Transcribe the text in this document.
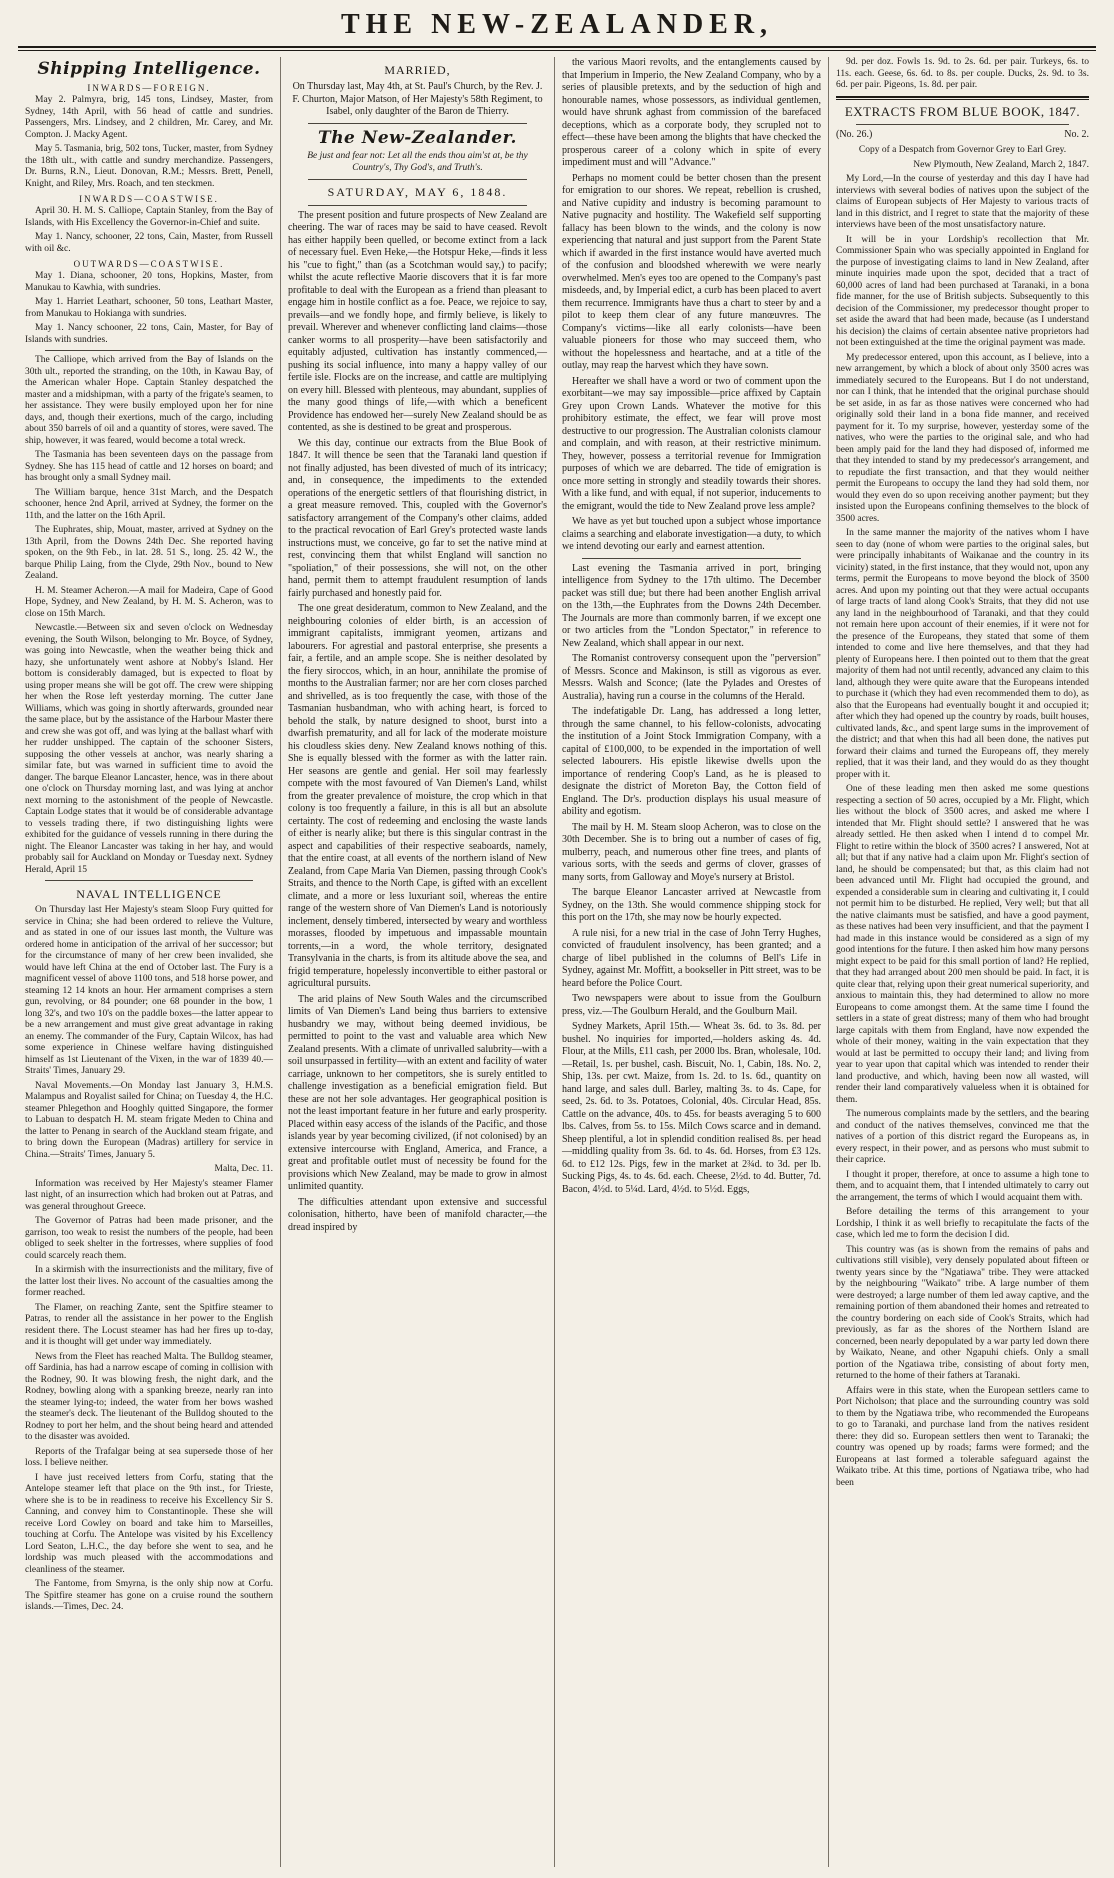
THE NEW-ZEALANDER,
Shipping Intelligence.
INWARDS—FOREIGN.

May 2. Palmyra, brig, 145 tons, Lindsey, Master, from Sydney, 14th April, with 56 head of cattle and sundries. Passengers, Mrs. Lindsey, and 2 children, Mr. Carey, and Mr. Compton. J. Macky Agent.

May 5. Tasmania, brig, 502 tons, Tucker, master, from Sydney the 18th ult., with cattle and sundry merchandize. Passengers, Dr. Burns, R.N., Lieut. Donovan, R.M.; Messrs. Brett, Penell, Knight, and Riley, Mrs. Roach, and ten steckmen.

INWARDS—COASTWISE.

April 30. H. M. S. Calliope, Captain Stanley, from the Bay of Islands, with His Excellency the Governor-in-Chief and suite.

May 1. Nancy, schooner, 22 tons, Cain, Master, from Russell with oil &c.

OUTWARDS—COASTWISE.

May 1. Diana, schooner, 20 tons, Hopkins, Master, from Manukau to Kawhia, with sundries.

May 1. Harriet Leathart, schooner, 50 tons, Leathart Master, from Manukau to Hokianga with sundries.

May 1. Nancy schooner, 22 tons, Cain, Master, for Bay of Islands with sundries.

The Calliope, which arrived from the Bay of Islands on the 30th ult., reported the stranding, on the 10th, in Kawau Bay, of the American whaler Hope. Captain Stanley despatched the master and a midshipman, with a party of the frigate's seamen, to her assistance. They were busily employed upon her for nine days, and, though their exertions, much of the cargo, including about 350 barrels of oil and a quantity of stores, were saved. The ship, however, it was feared, would become a total wreck.

The Tasmania has been seventeen days on the passage from Sydney. She has 115 head of cattle and 12 horses on board; and has brought only a small Sydney mail.

The William barque, hence 31st March, and the Despatch schooner, hence 2nd April, arrived at Sydney, the former on the 11th, and the latter on the 16th April.

The Euphrates, ship, Mouat, master, arrived at Sydney on the 13th April, from the Downs 24th Dec. She reported having spoken, on the 9th Feb., in lat. 28. 51 S., long. 25. 42 W., the barque Philip Laing, from the Clyde, 29th Nov., bound to New Zealand.

H. M. Steamer Acheron.—A mail for Madeira, Cape of Good Hope, Sydney, and New Zealand, by H. M. S. Acheron, was to close on 15th March.

Newcastle.—Between six and seven o'clock on Wednesday evening, the South Wilson, belonging to Mr. Boyce, of Sydney, was going into Newcastle, when the weather being thick and hazy, she unfortunately went ashore at Nobby's Island. Her bottom is considerably damaged, but is expected to float by using proper means she will be got off. The crew were shipping her when the Rose left yesterday morning. The cutter Jane Williams, which was going in shortly afterwards, grounded near the same place, but by the assistance of the Harbour Master there and crew she was got off, and was lying at the ballast wharf with her rudder unshipped. The captain of the schooner Sisters, supposing the other vessels at anchor, was nearly sharing a similar fate, but was warned in sufficient time to avoid the danger. The barque Eleanor Lancaster, hence, was in there about one o'clock on Thursday morning last, and was lying at anchor next morning to the astonishment of the people of Newcastle. Captain Lodge states that it would be of considerable advantage to vessels trading there, if two distinguishing lights were exhibited for the guidance of vessels running in there during the night. The Eleanor Lancaster was taking in her hay, and would probably sail for Auckland on Monday or Tuesday next. Sydney Herald, April 15

NAVAL INTELLIGENCE

On Thursday last Her Majesty's steam Sloop Fury quitted for service in China; she had been ordered to relieve the Vulture, and as stated in one of our issues last month, the Vulture was ordered home in anticipation of the arrival of her successor; but for the circumstance of many of her crew been invalided, she would have left China at the end of October last. The Fury is a magnificent vessel of above 1100 tons, and 518 horse power, and steaming 12 14 knots an hour. Her armament comprises a stern gun, revolving, or 84 pounder; one 68 pounder in the bow, 1 long 32's, and two 10's on the paddle boxes—the latter appear to be a new arrangement and must give great advantage in raking an enemy. The commander of the Fury, Captain Wilcox, has had some experience in Chinese welfare having distinguished himself as 1st Lieutenant of the Vixen, in the war of 1839 40.—Straits' Times, January 29.

Naval Movements.—On Monday last January 3, H.M.S. Malampus and Royalist sailed for China; on Tuesday 4, the H.C. steamer Phlegethon and Hooghly quitted Singapore, the former to Labuan to despatch H. M. steam frigate Meden to China and the latter to Penang in search of the Auckland steam frigate, and to bring down the European (Madras) artillery for service in China.—Straits' Times, January 5.

Malta, Dec. 11.

Information was received by Her Majesty's steamer Flamer last night, of an insurrection which had broken out at Patras, and was general throughout Greece.

The Governor of Patras had been made prisoner, and the garrison, too weak to resist the numbers of the people, had been obliged to seek shelter in the fortresses, where supplies of food could scarcely reach them.

In a skirmish with the insurrectionists and the military, five of the latter lost their lives. No account of the casualties among the former reached.

The Flamer, on reaching Zante, sent the Spitfire steamer to Patras, to render all the assistance in her power to the English resident there. The Locust steamer has had her fires up to-day, and it is thought will get under way immediately.

News from the Fleet has reached Malta. The Bulldog steamer, off Sardinia, has had a narrow escape of coming in collision with the Rodney, 90. It was blowing fresh, the night dark, and the Rodney, bowling along with a spanking breeze, nearly ran into the steamer lying-to; indeed, the water from her bows washed the steamer's deck. The lieutenant of the Bulldog shouted to the Rodney to port her helm, and the shout being heard and attended to the disaster was avoided.

Reports of the Trafalgar being at sea supersede those of her loss. I believe neither.

I have just received letters from Corfu, stating that the Antelope steamer left that place on the 9th inst., for Trieste, where she is to be in readiness to receive his Excellency Sir S. Canning, and convey him to Constantinople. These she will receive Lord Cowley on board and take him to Marseilles, touching at Corfu. The Antelope was visited by his Excellency Lord Seaton, L.H.C., the day before she went to sea, and he lordship was much pleased with the accommodations and cleanliness of the steamer.

The Fantome, from Smyrna, is the only ship now at Corfu. The Spitfire steamer has gone on a cruise round the southern islands.—Times, Dec. 24.

MARRIED,

On Thursday last, May 4th, at St. Paul's Church, by the Rev. J. F. Churton, Major Matson, of Her Majesty's 58th Regiment, to Isabel, only daughter of the Baron de Thierry.

The New-Zealander.

Be just and fear not: Let all the ends thou aim'st at, be thy Country's, Thy God's, and Truth's.

SATURDAY, MAY 6, 1848.

The present position and future prospects of New Zealand are cheering. The war of races may be said to have ceased. Revolt has either happily been quelled, or become extinct from a lack of necessary fuel. Even Heke,—the Hotspur Heke,—finds it less his "cue to fight," than (as a Scotchman would say,) to pacify; whilst the acute reflective Maorie discovers that it is far more profitable to deal with the European as a friend than pleasant to engage him in hostile conflict as a foe. Peace, we rejoice to say, prevails—and we fondly hope, and firmly believe, is likely to prevail. Wherever and whenever conflicting land claims—those canker worms to all prosperity—have been satisfactorily and equitably adjusted, cultivation has instantly commenced,—pushing its social influence, into many a happy valley of our fertile isle. Flocks are on the increase, and cattle are multiplying on every hill. Blessed with plenteous, may abundant, supplies of the many good things of life,—with which a beneficent Providence has endowed her—surely New Zealand should be as contented, as she is destined to be great and prosperous.

We this day, continue our extracts from the Blue Book of 1847. It will thence be seen that the Taranaki land question if not finally adjusted, has been divested of much of its intricacy; and, in consequence, the impediments to the extended operations of the energetic settlers of that flourishing district, in a great measure removed. This, coupled with the Governor's satisfactory arrangement of the Company's other claims, added to the practical revocation of Earl Grey's protected waste lands instructions must, we conceive, go far to set the native mind at rest, convincing them that whilst England will sanction no "spoliation," of their possessions, she will not, on the other hand, permit them to attempt fraudulent resumption of lands fairly purchased and honestly paid for.

The one great desideratum, common to New Zealand, and the neighbouring colonies of elder birth, is an accession of immigrant capitalists, immigrant yeomen, artizans and labourers. For agrestial and pastoral enterprise, she presents a fair, a fertile, and an ample scope. She is neither desolated by the fiery siroccos, which, in an hour, annihilate the promise of months to the Australian farmer; nor are her corn closes parched and shrivelled, as is too frequently the case, with those of the Tasmanian husbandman, who with aching heart, is forced to behold the stalk, by nature designed to shoot, burst into a dwarfish prematurity, and all for lack of the moderate moisture his cloudless skies deny. New Zealand knows nothing of this. She is equally blessed with the former as with the latter rain. Her seasons are gentle and genial. Her soil may fearlessly compete with the most favoured of Van Diemen's Land, whilst from the greater prevalence of moisture, the crop which in that colony is too frequently a failure, in this is all but an absolute certainty. The cost of redeeming and enclosing the waste lands of either is nearly alike; but there is this singular contrast in the aspect and capabilities of their respective seaboards, namely, that the entire coast, at all events of the northern island of New Zealand, from Cape Maria Van Diemen, passing through Cook's Straits, and thence to the North Cape, is gifted with an excellent climate, and a more or less luxuriant soil, whereas the entire range of the western shore of Van Diemen's Land is notoriously inclement, densely timbered, intersected by weary and worthless morasses, flooded by impetuous and impassable mountain torrents,—in a word, the whole territory, designated Transylvania in the charts, is from its altitude above the sea, and frigid temperature, hopelessly inconvertible to either pastoral or agricultural pursuits.

The arid plains of New South Wales and the circumscribed limits of Van Diemen's Land being thus barriers to extensive husbandry we may, without being deemed invidious, be permitted to point to the vast and valuable area which New Zealand presents. With a climate of unrivalled salubrity—with a soil unsurpassed in fertility—with an extent and facility of water carriage, unknown to her competitors, she is surely entitled to challenge investigation as a beneficial emigration field. But these are not her sole advantages. Her geographical position is not the least important feature in her future and early prosperity. Placed within easy access of the islands of the Pacific, and those islands year by year becoming civilized, (if not colonised) by an extensive intercourse with England, America, and France, a great and profitable outlet must of necessity be found for the provisions which New Zealand, may be made to grow in almost unlimited quantity.

The difficulties attendant upon extensive and successful colonisation, hitherto, have been of manifold character,—the dread inspired by

the various Maori revolts, and the entanglements caused by that Imperium in Imperio, the New Zealand Company, who by a series of plausible pretexts, and by the seduction of high and honourable names, whose possessors, as individual gentlemen, would have shrunk aghast from commission of the barefaced deceptions, which as a corporate body, they scrupled not to effect—these have been among the blights that have checked the prosperous career of a colony which in spite of every impediment must and will "Advance."

Perhaps no moment could be better chosen than the present for emigration to our shores. We repeat, rebellion is crushed, and Native cupidity and industry is becoming paramount to Native pugnacity and hostility. The Wakefield self supporting fallacy has been blown to the winds, and the colony is now experiencing that natural and just support from the Parent State which if awarded in the first instance would have averted much of the confusion and bloodshed wherewith we were nearly overwhelmed. Men's eyes too are opened to the Company's past misdeeds, and, by Imperial edict, a curb has been placed to avert them recurrence. Immigrants have thus a chart to steer by and a pilot to keep them clear of any future manœuvres. The Company's victims—like all early colonists—have been valuable pioneers for those who may succeed them, who without the hopelessness and heartache, and at a title of the outlay, may reap the harvest which they have sown.

Hereafter we shall have a word or two of comment upon the exorbitant—we may say impossible—price affixed by Captain Grey upon Crown Lands. Whatever the motive for this prohibitory estimate, the effect, we fear will prove most destructive to our progression. The Australian colonists clamour and complain, and with reason, at their restrictive minimum. They, however, possess a territorial revenue for Immigration purposes of which we are debarred. The tide of emigration is once more setting in strongly and steadily towards their shores. With a like fund, and with equal, if not superior, inducements to the emigrant, would the tide to New Zealand prove less ample?

We have as yet but touched upon a subject whose importance claims a searching and elaborate investigation—a duty, to which we intend devoting our early and earnest attention.

Last evening the Tasmania arrived in port, bringing intelligence from Sydney to the 17th ultimo. The December packet was still due; but there had been another English arrival on the 13th,—the Euphrates from the Downs 24th December. The Journals are more than commonly barren, if we except one or two articles from the "London Spectator," in reference to New Zealand, which shall appear in our next.

The Romanist controversy consequent upon the "perversion" of Messrs. Sconce and Makinson, is still as vigorous as ever. Messrs. Walsh and Sconce; (late the Pylades and Orestes of Australia), having run a course in the columns of the Herald.

The indefatigable Dr. Lang, has addressed a long letter, through the same channel, to his fellow-colonists, advocating the institution of a Joint Stock Immigration Company, with a capital of £100,000, to be expended in the importation of well selected labourers. His epistle likewise dwells upon the importance of rendering Coop's Land, as he is pleased to designate the district of Moreton Bay, the Cotton field of England. The Dr's. production displays his usual measure of ability and egotism.

The mail by H. M. Steam sloop Acheron, was to close on the 30th December. She is to bring out a number of cases of fig, mulberry, peach, and numerous other fine trees, and plants of various sorts, with the seeds and germs of clover, grasses of many sorts, from Galloway and Moye's nursery at Bristol.

The barque Eleanor Lancaster arrived at Newcastle from Sydney, on the 13th. She would commence shipping stock for this port on the 17th, she may now be hourly expected.

A rule nisi, for a new trial in the case of John Terry Hughes, convicted of fraudulent insolvency, has been granted; and a charge of libel published in the columns of Bell's Life in Sydney, against Mr. Moffitt, a bookseller in Pitt street, was to be heard before the Police Court.

Two newspapers were about to issue from the Goulburn press, viz.—The Goulburn Herald, and the Goulburn Mail.

Sydney Markets, April 15th.— Wheat 3s. 6d. to 3s. 8d. per bushel. No inquiries for imported,—holders asking 4s. 4d. Flour, at the Mills, £11 cash, per 2000 lbs. Bran, wholesale, 10d.—Retail, 1s. per bushel, cash. Biscuit, No. 1, Cabin, 18s. No. 2, Ship, 13s. per cwt. Maize, from 1s. 2d. to 1s. 6d., quantity on hand large, and sales dull. Barley, malting 3s. to 4s. Cape, for seed, 2s. 6d. to 3s. Potatoes, Colonial, 40s. Circular Head, 85s. Cattle on the advance, 40s. to 45s. for beasts averaging 5 to 600 lbs. Calves, from 5s. to 15s. Milch Cows scarce and in demand. Sheep plentiful, a lot in splendid condition realised 8s. per head—middling quality from 3s. 6d. to 4s. 6d. Horses, from £3 12s. 6d. to £12 12s. Pigs, few in the market at 2¾d. to 3d. per lb. Sucking Pigs, 4s. to 4s. 6d. each. Cheese, 2½d. to 4d. Butter, 7d. Bacon, 4½d. to 5¼d. Lard, 4½d. to 5½d. Eggs,

9d. per doz. Fowls 1s. 9d. to 2s. 6d. per pair. Turkeys, 6s. to 11s. each. Geese, 6s. 6d. to 8s. per couple. Ducks, 2s. 9d. to 3s. 6d. per pair. Pigeons, 1s. 8d. per pair.

EXTRACTS FROM BLUE BOOK, 1847.
(No. 26.)	No. 2.

Copy of a Despatch from Governor Grey to Earl Grey.

New Plymouth, New Zealand, March 2, 1847.

My Lord,—In the course of yesterday and this day I have had interviews with several bodies of natives upon the subject of the claims of European subjects of Her Majesty to various tracts of land in this district, and I regret to state that the majority of these interviews have been of the most unsatisfactory nature.

It will be in your Lordship's recollection that Mr. Commissioner Spain who was specially appointed in England for the purpose of investigating claims to land in New Zealand, after minute inquiries made upon the spot, decided that a tract of 60,000 acres of land had been purchased at Taranaki, in a bona fide manner, for the use of British subjects. Subsequently to this decision of the Commissioner, my predecessor thought proper to set aside the award that had been made, because (as I understand his decision) the claims of certain absentee native proprietors had not been extinguished at the time the original payment was made.

My predecessor entered, upon this account, as I believe, into a new arrangement, by which a block of about only 3500 acres was immediately secured to the Europeans. But I do not understand, nor can I think, that he intended that the original purchase should be set aside, in as far as those natives were concerned who had originally sold their land in a bona fide manner, and received payment for it. To my surprise, however, yesterday some of the natives, who were the parties to the original sale, and who had been amply paid for the land they had disposed of, informed me that they intended to stand by my predecessor's arrangement, and to repudiate the first transaction, and that they would neither permit the Europeans to occupy the land they had sold them, nor would they even do so upon receiving another payment; but they insisted upon the Europeans confining themselves to the block of 3500 acres.

In the same manner the majority of the natives whom I have seen to day (none of whom were parties to the original sales, but were principally inhabitants of Waikanae and the country in its vicinity) stated, in the first instance, that they would not, upon any terms, permit the Europeans to move beyond the block of 3500 acres. And upon my pointing out that they were actual occupants of large tracts of land along Cook's Straits, that they did not use any land in the neighbourhood of Taranaki, and that they could not remain here upon account of their enemies, if it were not for the presence of the Europeans, they stated that some of them intended to come and live here themselves, and that they had plenty of Europeans here. I then pointed out to them that the great majority of them had not until recently, advanced any claim to this land, although they were quite aware that the Europeans intended to purchase it (which they had even recommended them to do), as also that the Europeans had eventually bought it and occupied it; after which they had opened up the country by roads, built houses, cultivated lands, &c., and spent large sums in the improvement of the district; and that when this had all been done, the natives put forward their claims and turned the Europeans off, they merely replied, that it was their land, and they would do as they thought proper with it.

One of these leading men then asked me some questions respecting a section of 50 acres, occupied by a Mr. Flight, which lies without the block of 3500 acres, and asked me where I intended that Mr. Flight should settle? I answered that he was already settled. He then asked when I intend d to compel Mr. Flight to retire within the block of 3500 acres? I answered, Not at all; but that if any native had a claim upon Mr. Flight's section of land, he should be compensated; but that, as this claim had not been advanced until Mr. Flight had occupied the ground, and expended a considerable sum in clearing and cultivating it, I could not permit him to be disturbed. He replied, Very well; but that all the native claimants must be satisfied, and have a good payment, as these natives had been very insufficient, and that the payment I had made in this instance would be considered as a sign of my good intentions for the future. I then asked him how many persons might expect to be paid for this small portion of land? He replied, that they had arranged about 200 men should be paid. In fact, it is quite clear that, relying upon their great numerical superiority, and anxious to maintain this, they had determined to allow no more Europeans to come amongst them. At the same time I found the settlers in a state of great distress; many of them who had brought large capitals with them from England, have now expended the whole of their money, waiting in the vain expectation that they would at last be permitted to occupy their land; and living from year to year upon that capital which was intended to render their land productive, and which, having been now all wasted, will render their land comparatively valueless when it is obtained for them.

The numerous complaints made by the settlers, and the bearing and conduct of the natives themselves, convinced me that the natives of a portion of this district regard the Europeans as, in every respect, in their power, and as persons who must submit to their caprice.

I thought it proper, therefore, at once to assume a high tone to them, and to acquaint them, that I intended ultimately to carry out the arrangement, the terms of which I would acquaint them with.

Before detailing the terms of this arrangement to your Lordship, I think it as well briefly to recapitulate the facts of the case, which led me to form the decision I did.

This country was (as is shown from the remains of pahs and cultivations still visible), very densely populated about fifteen or twenty years since by the "Ngatiawa" tribe. They were attacked by the neighbouring "Waikato" tribe. A large number of them were destroyed; a large number of them led away captive, and the remaining portion of them abandoned their homes and retreated to the country bordering on each side of Cook's Straits, which had previously, as far as the shores of the Northern Island are concerned, been nearly depopulated by a war party led down there by Waikato, Neane, and other Ngapuhi chiefs. Only a small portion of the Ngatiawa tribe, consisting of about forty men, returned to the home of their fathers at Taranaki.

Affairs were in this state, when the European settlers came to Port Nicholson; that place and the surrounding country was sold to them by the Ngatiawa tribe, who recommended the Europeans to go to Taranaki, and purchase land from the natives resident there: they did so. European settlers then went to Taranaki; the country was opened up by roads; farms were formed; and the Europeans at last formed a tolerable safeguard against the Waikato tribe. At this time, portions of Ngatiawa tribe, who had been
